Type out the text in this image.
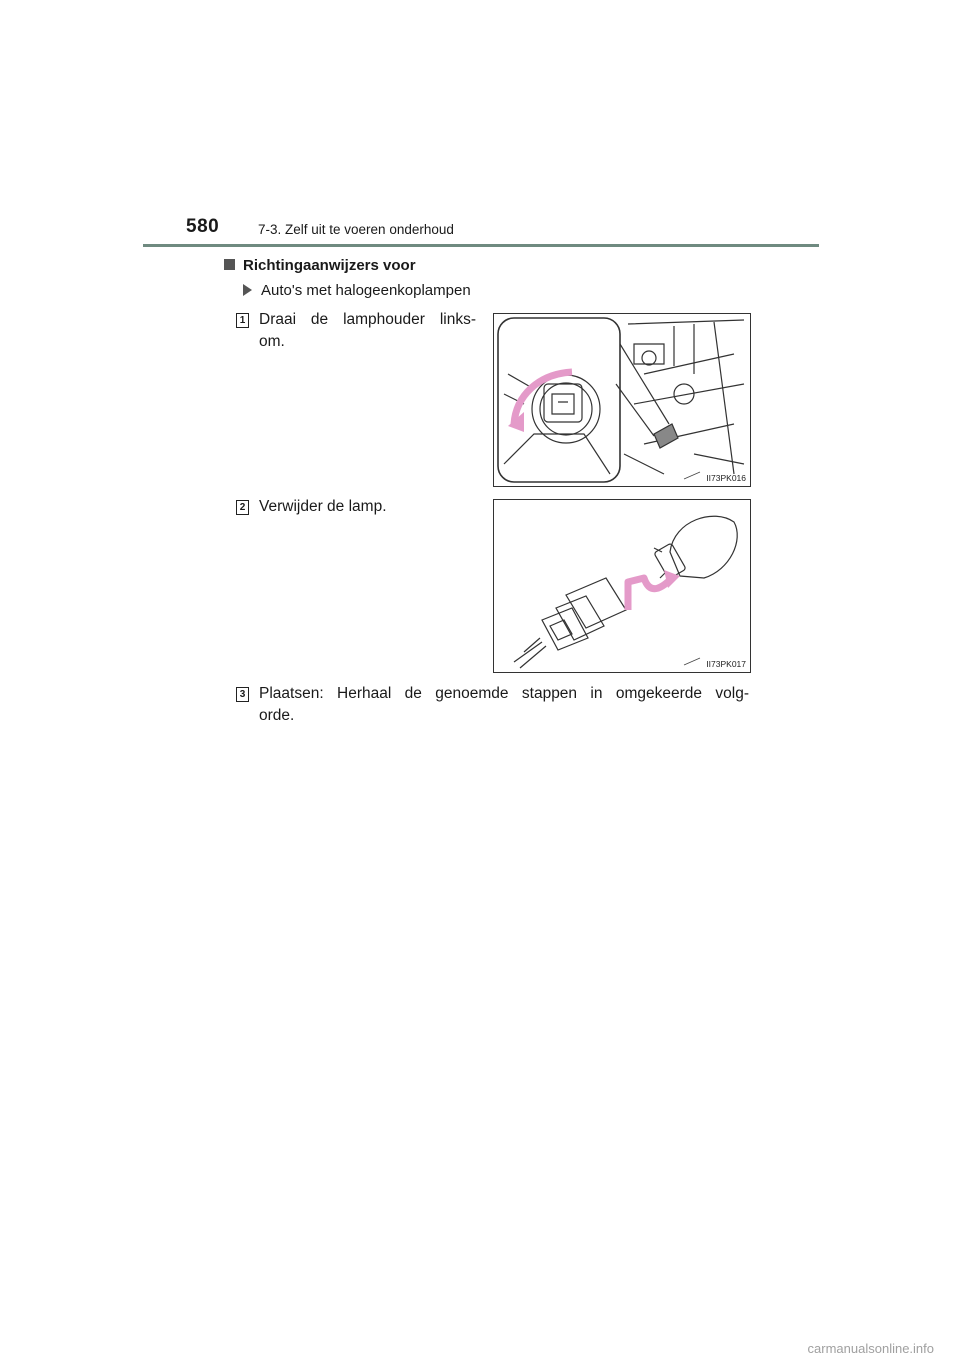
580	7-3. Zelf uit te voeren onderhoud
Richtingaanwijzers voor
Auto's met halogeenkoplampen
1 Draai de lamphouder links-
om.
II73PK016
2 Verwijder de lamp.
II73PK017
3 Plaatsen: Herhaal de genoemde stappen in omgekeerde volg-
orde.
carmanualsonline.info
